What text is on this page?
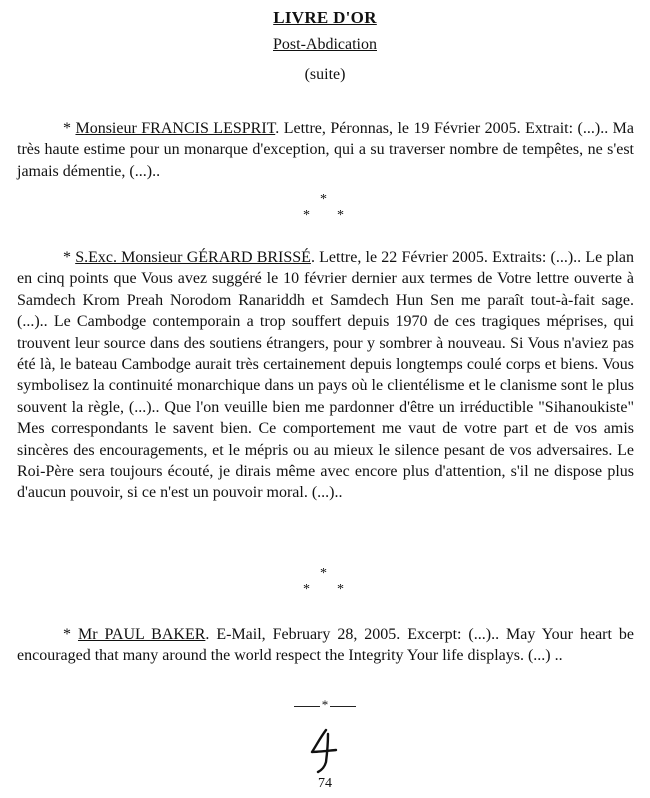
LIVRE D'OR
Post-Abdication
(suite)

* Monsieur FRANCIS LESPRIT. Lettre, Péronnas, le 19 Février 2005. Extrait: (...).. Ma très haute estime pour un monarque d'exception, qui a su traverser nombre de tempêtes, ne s'est jamais démentie, (...)..

*
* *

* S.Exc. Monsieur GÉRARD BRISSÉ. Lettre, le 22 Février 2005. Extraits: (...).. Le plan en cinq points que Vous avez suggéré le 10 février dernier aux termes de Votre lettre ouverte à Samdech Krom Preah Norodom Ranariddh et Samdech Hun Sen me paraît tout-à-fait sage. (...).. Le Cambodge contemporain a trop souffert depuis 1970 de ces tragiques méprises, qui trouvent leur source dans des soutiens étrangers, pour y sombrer à nouveau. Si Vous n'aviez pas été là, le bateau Cambodge aurait très certainement depuis longtemps coulé corps et biens. Vous symbolisez la continuité monarchique dans un pays où le clientélisme et le clanisme sont le plus souvent la règle, (...).. Que l'on veuille bien me pardonner d'être un irréductible "Sihanoukiste" Mes correspondants le savent bien. Ce comportement me vaut de votre part et de vos amis sincères des encouragements, et le mépris ou au mieux le silence pesant de vos adversaires. Le Roi-Père sera toujours écouté, je dirais même avec encore plus d'attention, s'il ne dispose plus d'aucun pouvoir, si ce n'est un pouvoir moral. (...)..

*
* *

* Mr PAUL BAKER. E-Mail, February 28, 2005. Excerpt: (...).. May Your heart be encouraged that many around the world respect the Integrity Your life displays. (...) ..

*
74
